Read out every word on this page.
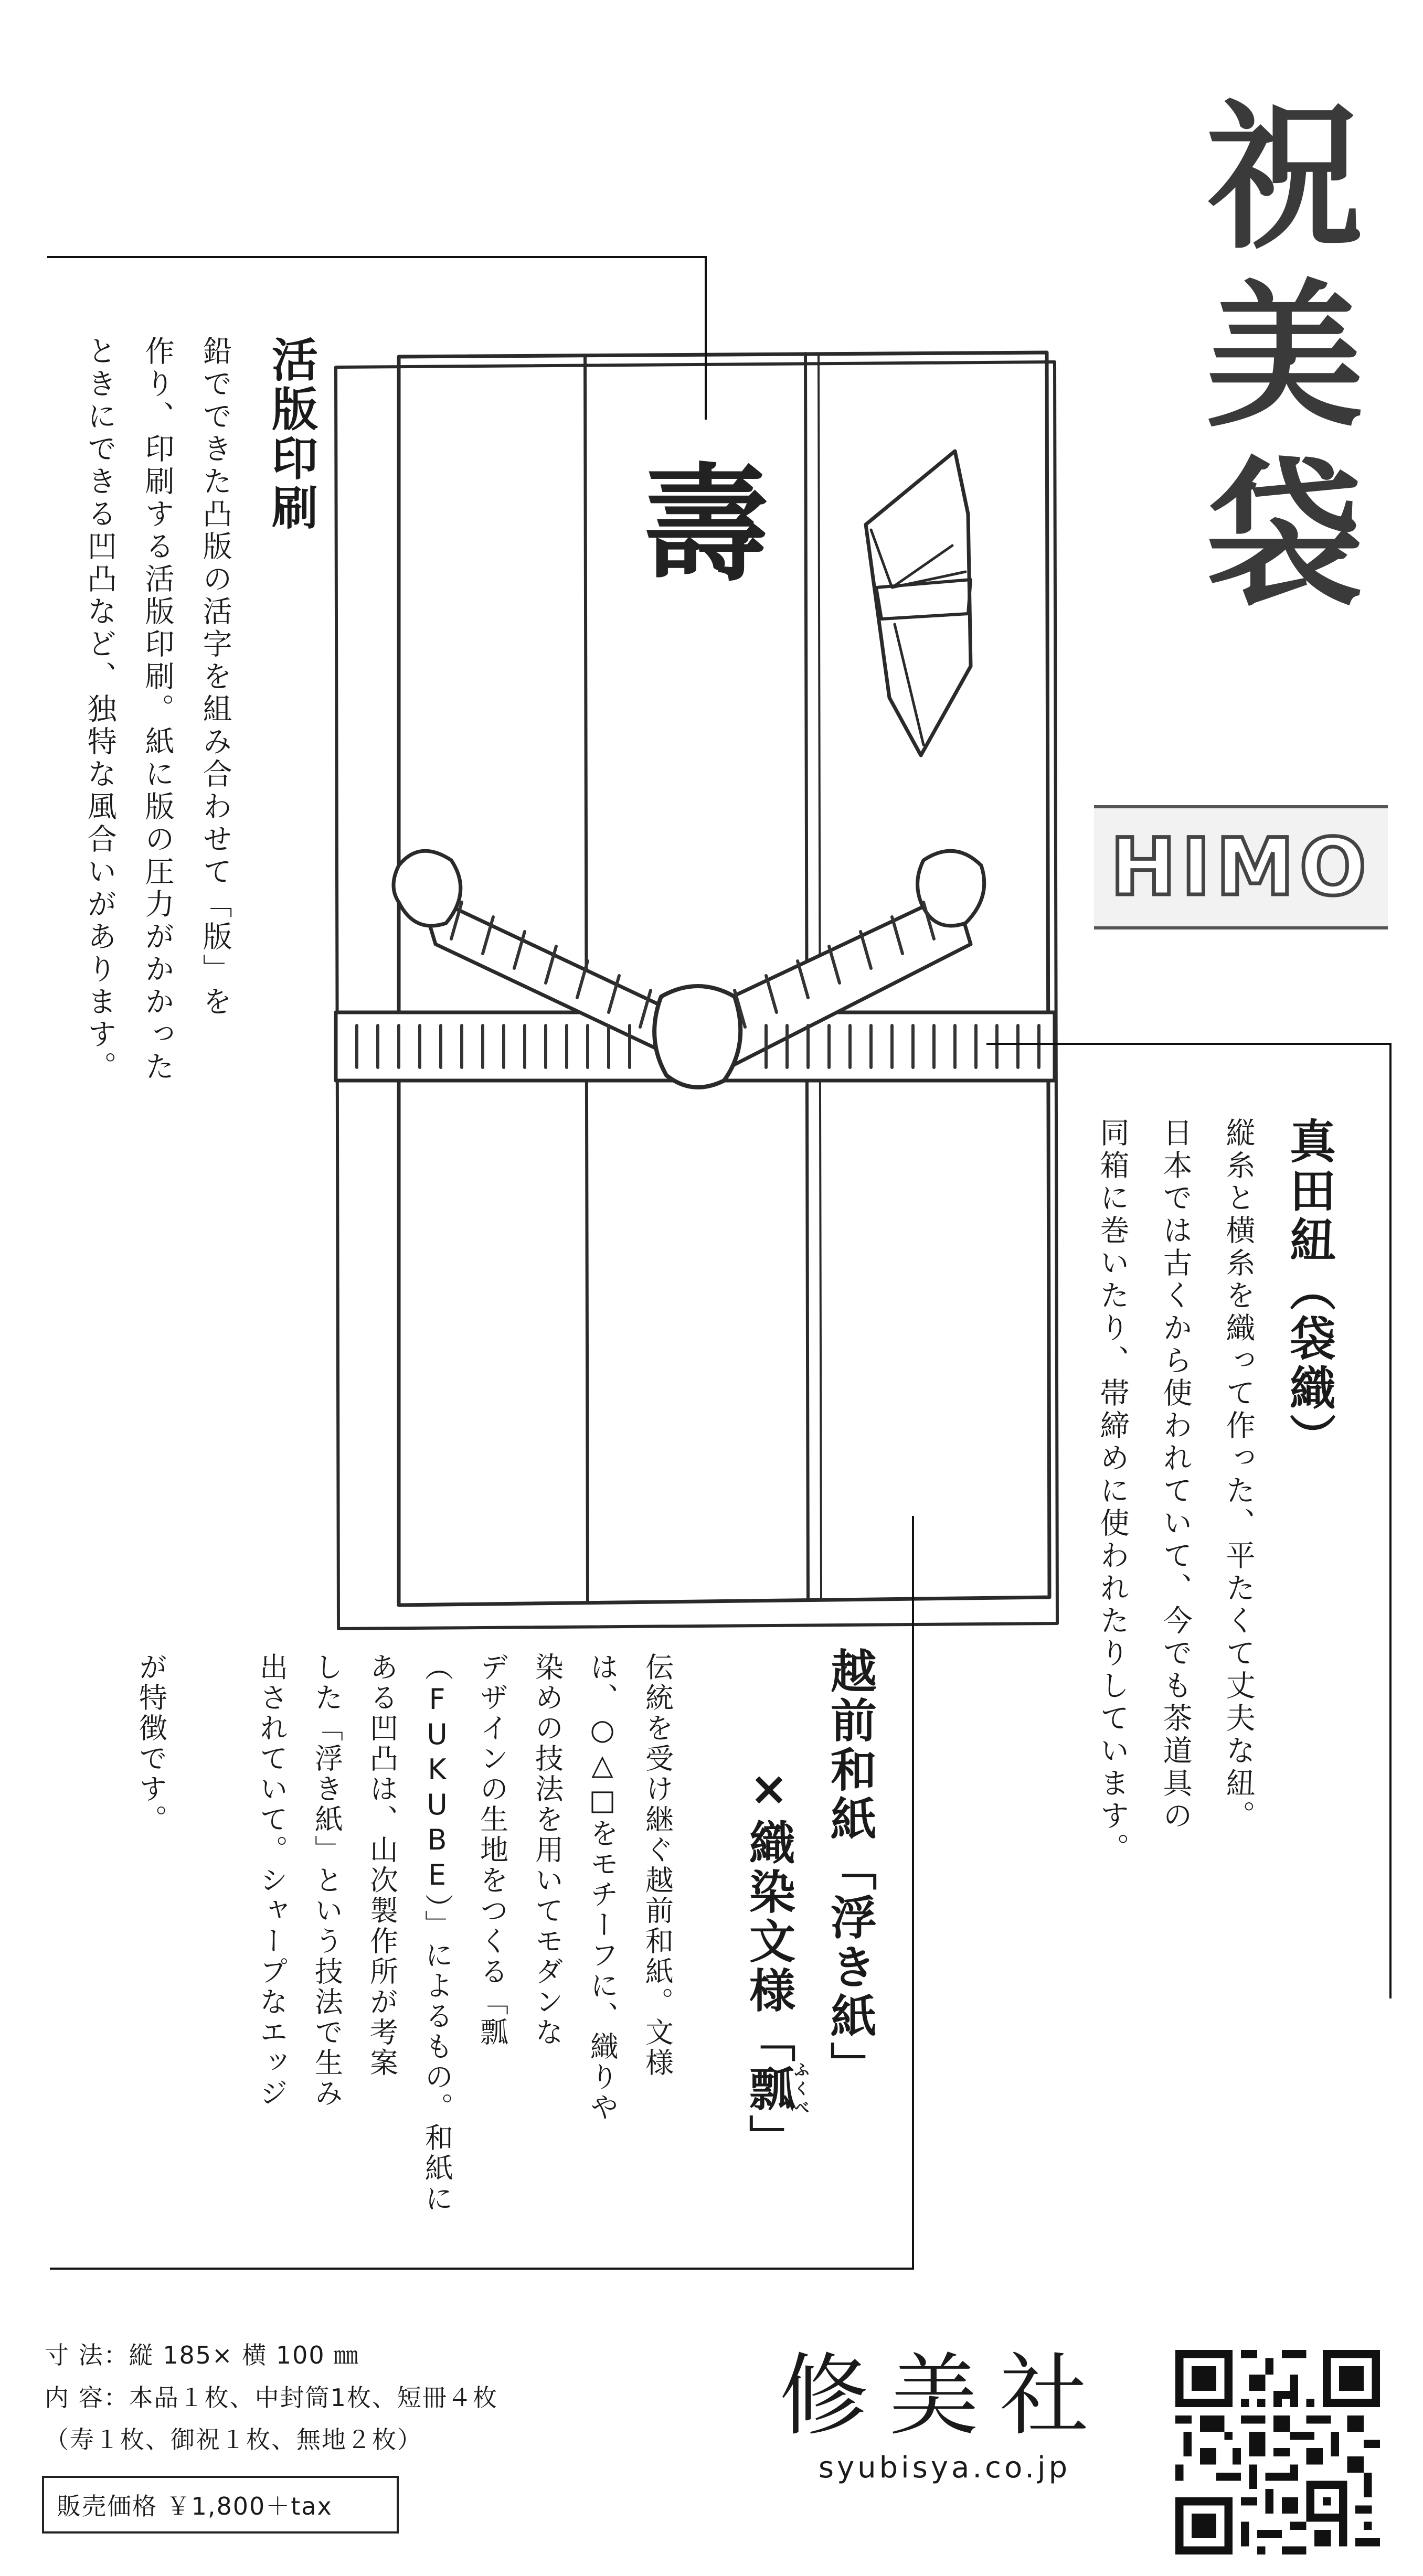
壽	祝美袋
HIMO
活版印刷
鉛でできた凸版の活字を組み合わせて「版」を
作り、印刷する活版印刷。紙に版の圧力がかかった
ときにできる凹凸など、独特な風合いがあります。
真田紐（袋織）
縦糸と横糸を織って作った、平たくて丈夫な紐。
日本では古くから使われていて、今でも茶道具の
同箱に巻いたり、帯締めに使われたりしています。
越前和紙「浮き紙」

×織染文様「瓢ふくべ」

伝統を受け継ぐ越前和紙。文様
は、○△□をモチーフに、織りや
染めの技法を用いてモダンな
デザインの生地をつくる「瓢
（FUKUBE）」によるもの。和紙に
ある凹凸は、山次製作所が考案
した「浮き紙」という技法で生み
出されていて。シャープなエッジ
が特徴です。
寸 法：縦 185× 横 100 ㎜
内 容：本品１枚、中封筒1枚、短冊４枚
（寿１枚、御祝１枚、無地２枚）
販売価格 ￥1,800＋tax
修美社
syubisya.co.jp
